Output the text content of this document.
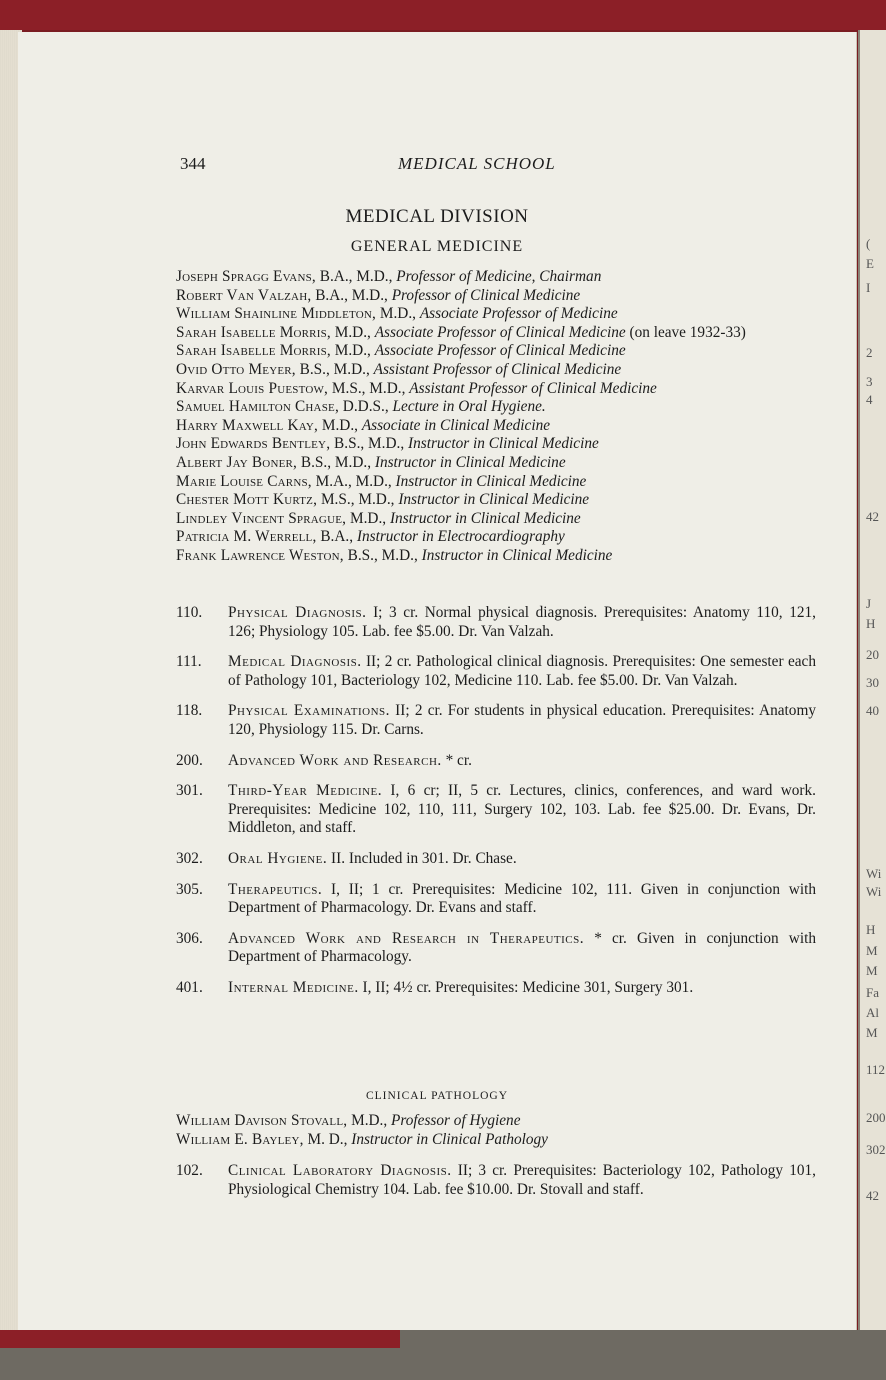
(
E
I
2
3
4
42
J
H
20
30
40
Wi
Wi
H
M
M
Fa
Al
M
112
200
302
42
344	MEDICAL SCHOOL
MEDICAL DIVISION
GENERAL MEDICINE

Joseph Spragg Evans, B.A., M.D., Professor of Medicine, Chairman

Robert Van Valzah, B.A., M.D., Professor of Clinical Medicine

William Shainline Middleton, M.D., Associate Professor of Medicine

Sarah Isabelle Morris, M.D., Associate Professor of Clinical Medicine (on leave 1932-33)

Sarah Isabelle Morris, M.D., Associate Professor of Clinical Medicine

Ovid Otto Meyer, B.S., M.D., Assistant Professor of Clinical Medicine

Karvar Louis Puestow, M.S., M.D., Assistant Professor of Clinical Medicine

Samuel Hamilton Chase, D.D.S., Lecture in Oral Hygiene.

Harry Maxwell Kay, M.D., Associate in Clinical Medicine

John Edwards Bentley, B.S., M.D., Instructor in Clinical Medicine

Albert Jay Boner, B.S., M.D., Instructor in Clinical Medicine

Marie Louise Carns, M.A., M.D., Instructor in Clinical Medicine

Chester Mott Kurtz, M.S., M.D., Instructor in Clinical Medicine

Lindley Vincent Sprague, M.D., Instructor in Clinical Medicine

Patricia M. Werrell, B.A., Instructor in Electrocardiography

Frank Lawrence Weston, B.S., M.D., Instructor in Clinical Medicine

110. Physical Diagnosis. I; 3 cr. Normal physical diagnosis. Prerequisites: Anatomy 110, 121, 126; Physiology 105. Lab. fee $5.00. Dr. Van Valzah.

111. Medical Diagnosis. II; 2 cr. Pathological clinical diagnosis. Prerequisites: One semester each of Pathology 101, Bacteriology 102, Medicine 110. Lab. fee $5.00. Dr. Van Valzah.

118. Physical Examinations. II; 2 cr. For students in physical education. Prerequisites: Anatomy 120, Physiology 115. Dr. Carns.

200. Advanced Work and Research. * cr.

301. Third-Year Medicine. I, 6 cr; II, 5 cr. Lectures, clinics, conferences, and ward work. Prerequisites: Medicine 102, 110, 111, Surgery 102, 103. Lab. fee $25.00. Dr. Evans, Dr. Middleton, and staff.

302. Oral Hygiene. II. Included in 301. Dr. Chase.

305. Therapeutics. I, II; 1 cr. Prerequisites: Medicine 102, 111. Given in conjunction with Department of Pharmacology. Dr. Evans and staff.

306. Advanced Work and Research in Therapeutics. * cr. Given in conjunction with Department of Pharmacology.

401. Internal Medicine. I, II; 4½ cr. Prerequisites: Medicine 301, Surgery 301.

CLINICAL PATHOLOGY

William Davison Stovall, M.D., Professor of Hygiene

William E. Bayley, M. D., Instructor in Clinical Pathology

102. Clinical Laboratory Diagnosis. II; 3 cr. Prerequisites: Bacteriology 102, Pathology 101, Physiological Chemistry 104. Lab. fee $10.00. Dr. Stovall and staff.
